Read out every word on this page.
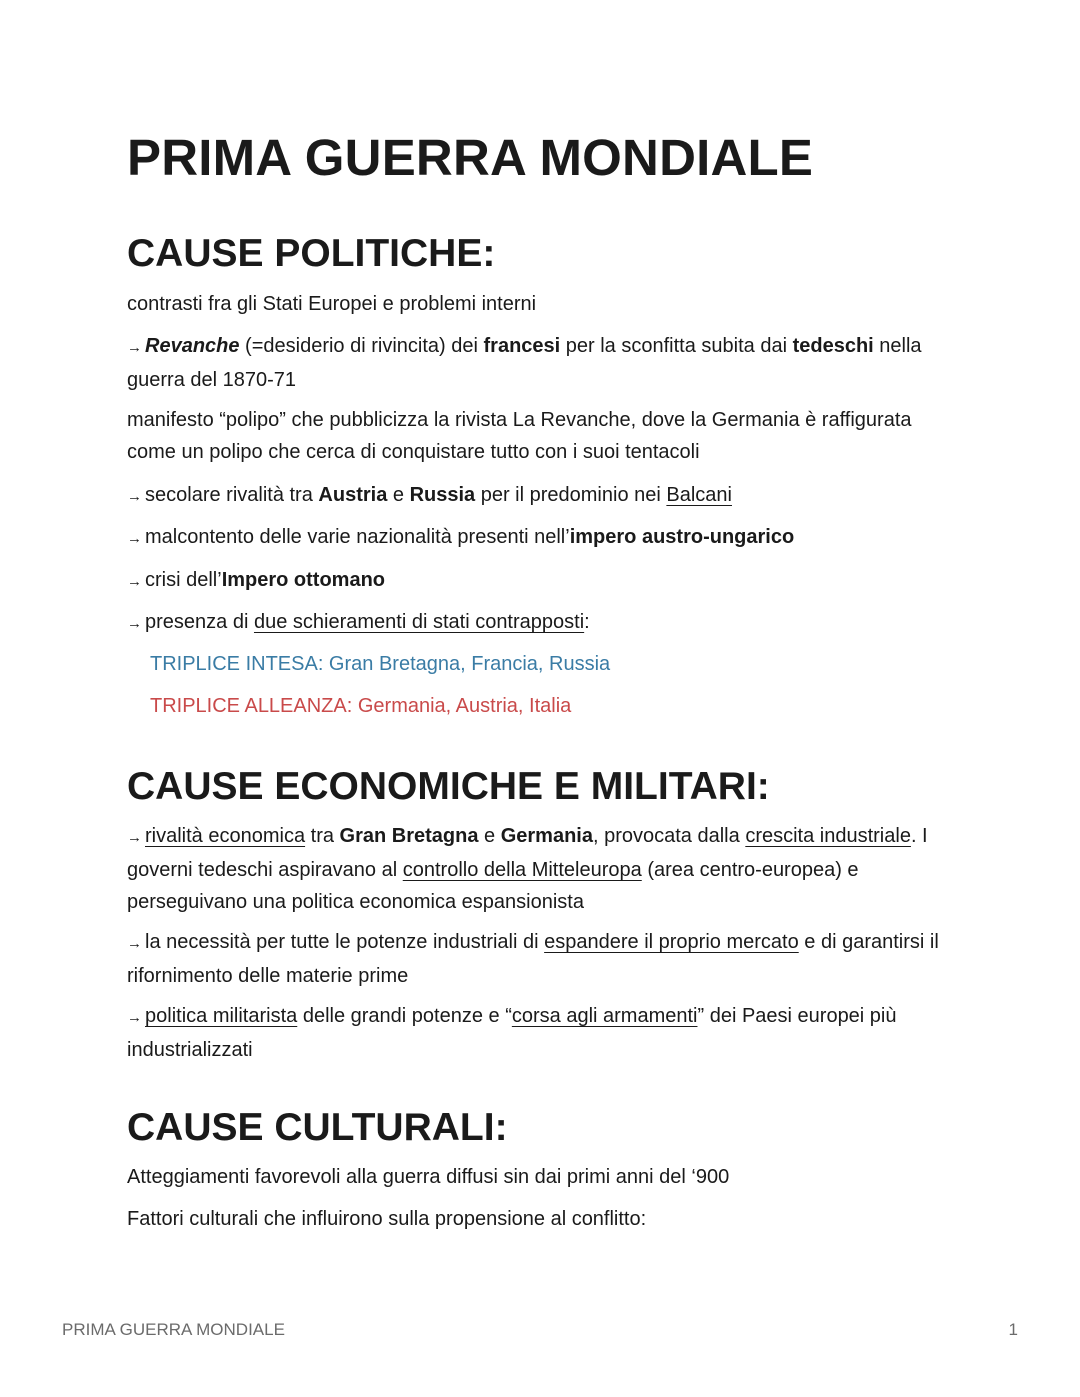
PRIMA GUERRA MONDIALE
CAUSE POLITICHE:

contrasti fra gli Stati Europei e problemi interni

→ Revanche (=desiderio di rivincita) dei francesi per la sconfitta subita dai tedeschi nella guerra del 1870-71

manifesto “polipo” che pubblicizza la rivista La Revanche, dove la Germania è raffigurata come un polipo che cerca di conquistare tutto con i suoi tentacoli

→ secolare rivalità tra Austria e Russia per il predominio nei Balcani

→ malcontento delle varie nazionalità presenti nell’impero austro-ungarico

→ crisi dell’Impero ottomano

→ presenza di due schieramenti di stati contrapposti:

TRIPLICE INTESA: Gran Bretagna, Francia, Russia

TRIPLICE ALLEANZA: Germania, Austria, Italia

CAUSE ECONOMICHE E MILITARI:

→ rivalità economica tra Gran Bretagna e Germania, provocata dalla crescita industriale. I governi tedeschi aspiravano al controllo della Mitteleuropa (area centro-europea) e perseguivano una politica economica espansionista

→ la necessità per tutte le potenze industriali di espandere il proprio mercato e di garantirsi il rifornimento delle materie prime

→ politica militarista delle grandi potenze e “corsa agli armamenti” dei Paesi europei più industrializzati

CAUSE CULTURALI:

Atteggiamenti favorevoli alla guerra diffusi sin dai primi anni del ‘900

Fattori culturali che influirono sulla propensione al conflitto:

PRIMA GUERRA MONDIALE	1
